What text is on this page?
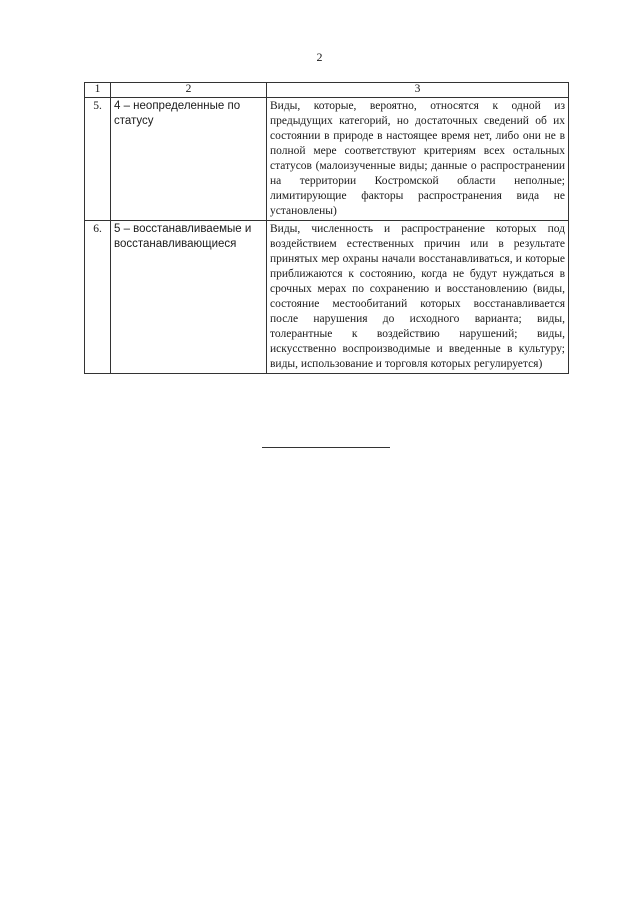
2
1	2	3
5.	4 – неопределенные по статусу	Виды, которые, вероятно, относятся к одной из предыдущих категорий, но достаточных сведений об их состоянии в природе в настоящее время нет, либо они не в полной мере соответствуют критериям всех остальных статусов (малоизученные виды; данные о распространении на территории Костромской области неполные; лимитирующие факторы распространения вида не установлены)
6.	5 – восстанавливаемые и восстанавливающиеся	Виды, численность и распространение которых под воздействием естественных причин или в результате принятых мер охраны начали восстанавливаться, и которые приближаются к состоянию, когда не будут нуждаться в срочных мерах по сохранению и восстановлению (виды, состояние местообитаний которых восстанавливается после нарушения до исходного варианта; виды, толерантные к воздействию нарушений; виды, искусственно воспроизводимые и введенные в культуру; виды, использование и торговля которых регулируется)
